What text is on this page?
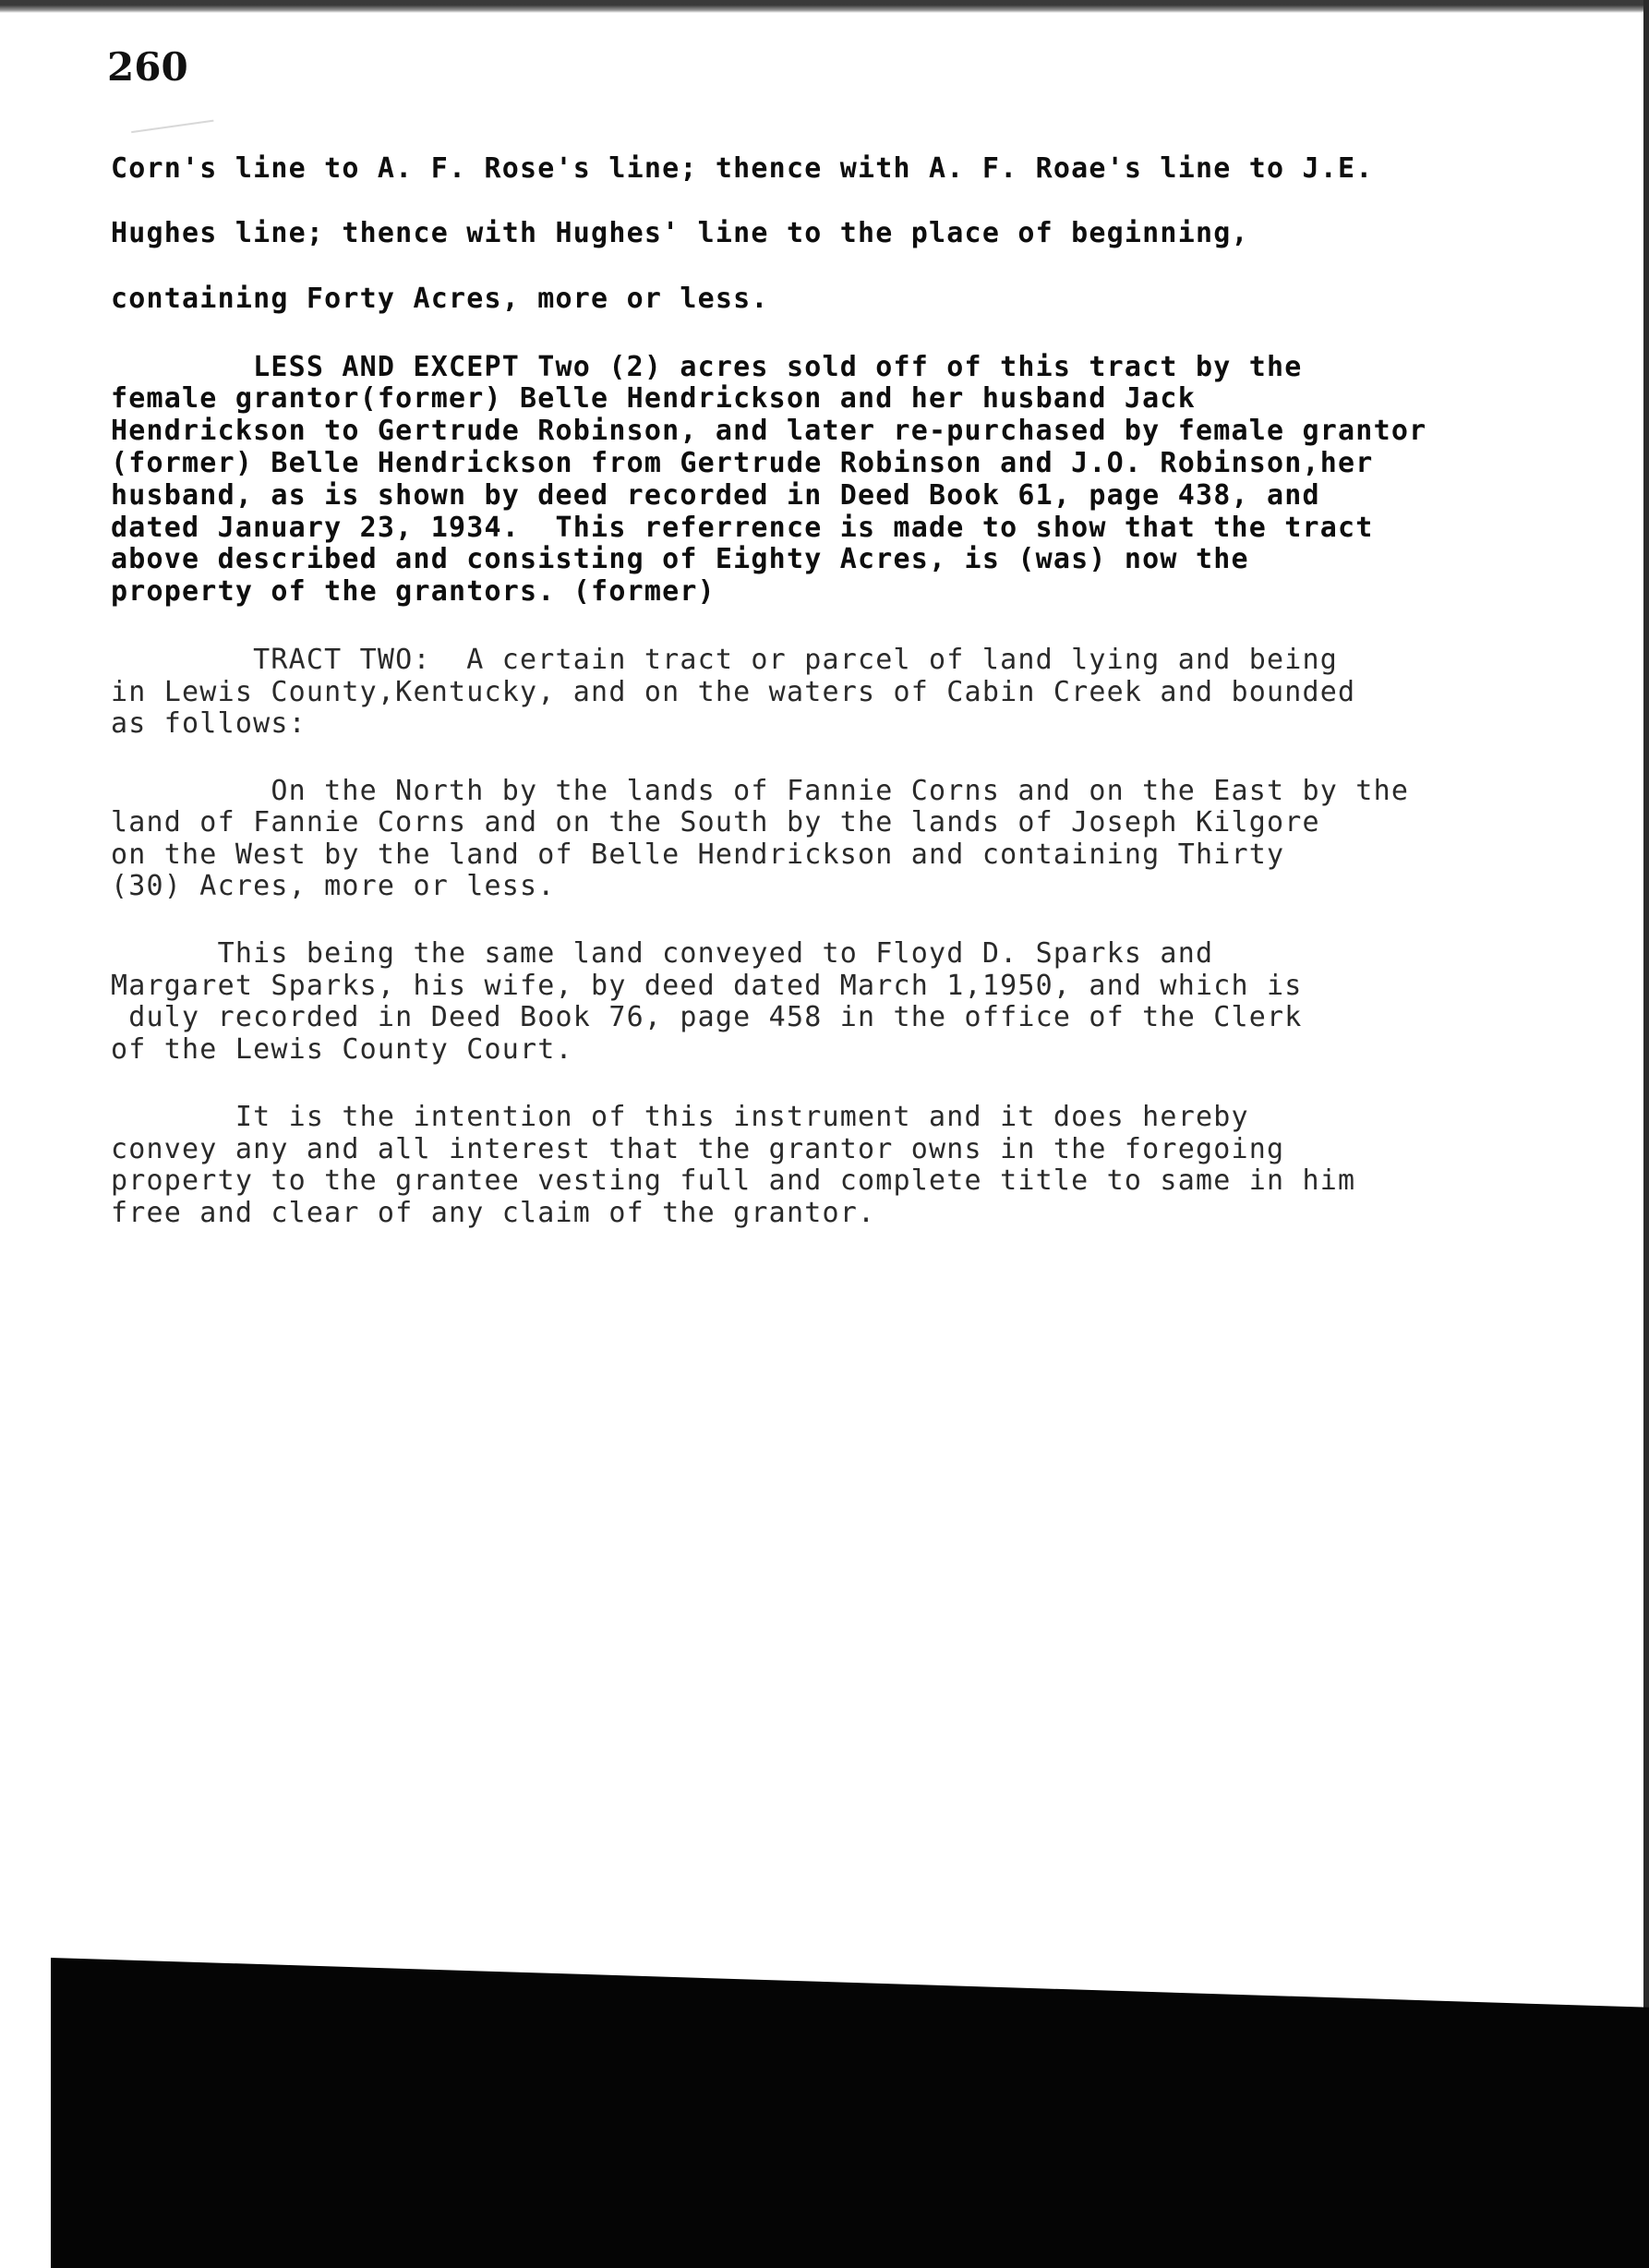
260
Corn's line to A. F. Rose's line; thence with A. F. Roae's line to J.E.
Hughes line; thence with Hughes' line to the place of beginning,
containing Forty Acres, more or less.
LESS AND EXCEPT Two (2) acres sold off of this tract by the
female grantor(former) Belle Hendrickson and her husband Jack
Hendrickson to Gertrude Robinson, and later re-purchased by female grantor
(former) Belle Hendrickson from Gertrude Robinson and J.O. Robinson,her
husband, as is shown by deed recorded in Deed Book 61, page 438, and
dated January 23, 1934.  This referrence is made to show that the tract
above described and consisting of Eighty Acres, is (was) now the
property of the grantors. (former)
TRACT TWO:  A certain tract or parcel of land lying and being
in Lewis County,Kentucky, and on the waters of Cabin Creek and bounded
as follows:
On the North by the lands of Fannie Corns and on the East by the
land of Fannie Corns and on the South by the lands of Joseph Kilgore
on the West by the land of Belle Hendrickson and containing Thirty
(30) Acres, more or less.
This being the same land conveyed to Floyd D. Sparks and
Margaret Sparks, his wife, by deed dated March 1,1950, and which is
duly recorded in Deed Book 76, page 458 in the office of the Clerk
of the Lewis County Court.
It is the intention of this instrument and it does hereby
convey any and all interest that the grantor owns in the foregoing
property to the grantee vesting full and complete title to same in him
free and clear of any claim of the grantor.
